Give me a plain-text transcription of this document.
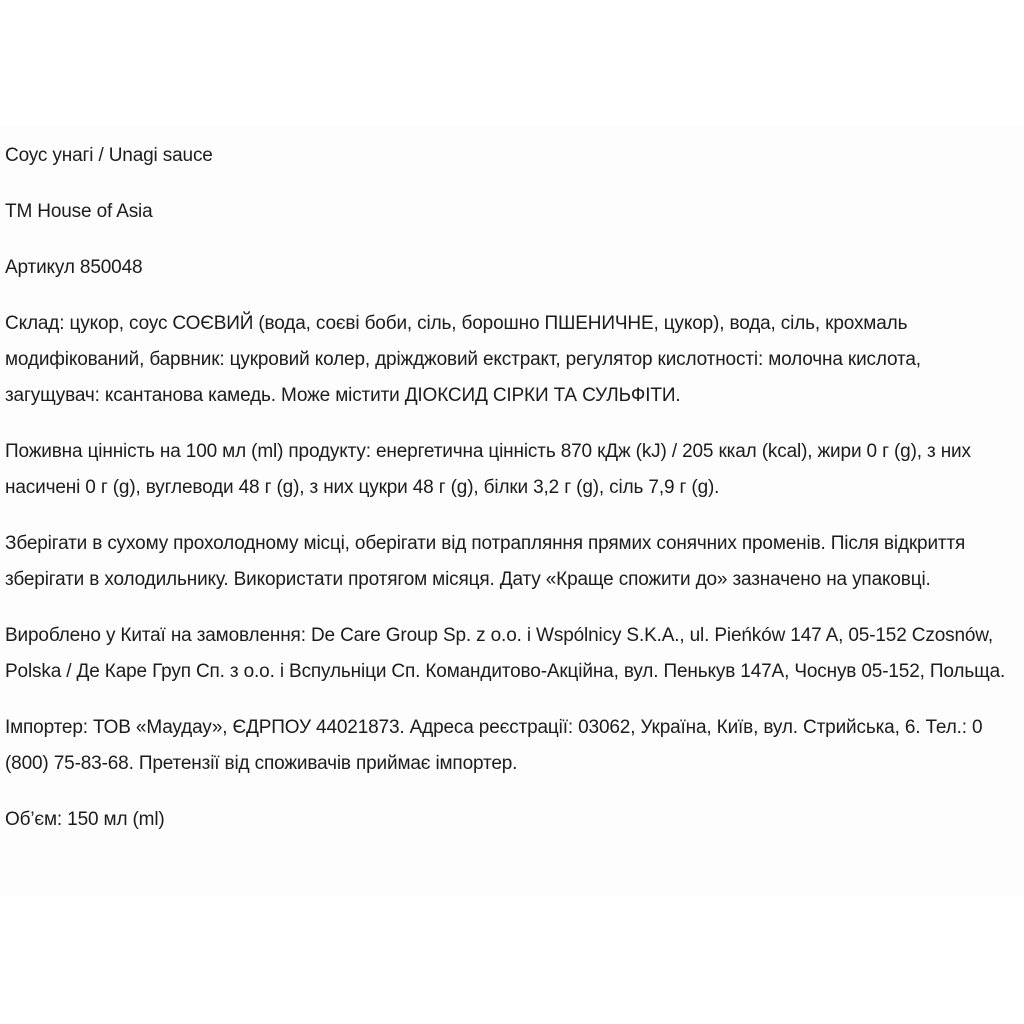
Соус унагі / Unagi sauce

ТМ House of Asia

Артикул 850048

Склад: цукор, соус СОЄВИЙ (вода, соєві боби, сіль, борошно ПШЕНИЧНЕ, цукор), вода, сіль, крохмаль модифікований, барвник: цукровий колер, дріжджовий екстракт, регулятор кислотності: молочна кислота, загущувач: ксантанова камедь. Може містити ДІОКСИД СІРКИ ТА СУЛЬФІТИ.

Поживна цінність на 100 мл (ml) продукту: енергетична цінність 870 кДж (kJ) / 205 ккал (kcal), жири 0 г (g), з них насичені 0 г (g), вуглеводи 48 г (g), з них цукри 48 г (g), білки 3,2 г (g), сіль 7,9 г (g).

Зберігати в сухому прохолодному місці, оберігати від потрапляння прямих сонячних променів. Після відкриття зберігати в холодильнику. Використати протягом місяця. Дату «Краще спожити до» зазначено на упаковці.

Вироблено у Китаї на замовлення: De Care Group Sp. z o.o. i Wspólnicy S.K.A., ul. Pieńków 147 A, 05-152 Czosnów, Polska / Де Каре Груп Сп. з о.о. і Вспульніци Сп. Командитово-Акційна, вул. Пенькув 147А, Чоснув 05-152, Польща.

Імпортер: ТОВ «Маудау», ЄДРПОУ 44021873. Адреса реєстрації: 03062, Україна, Київ, вул. Стрийська, 6. Тел.: 0 (800) 75-83-68. Претензії від споживачів приймає імпортер.

Об’єм: 150 мл (ml)
